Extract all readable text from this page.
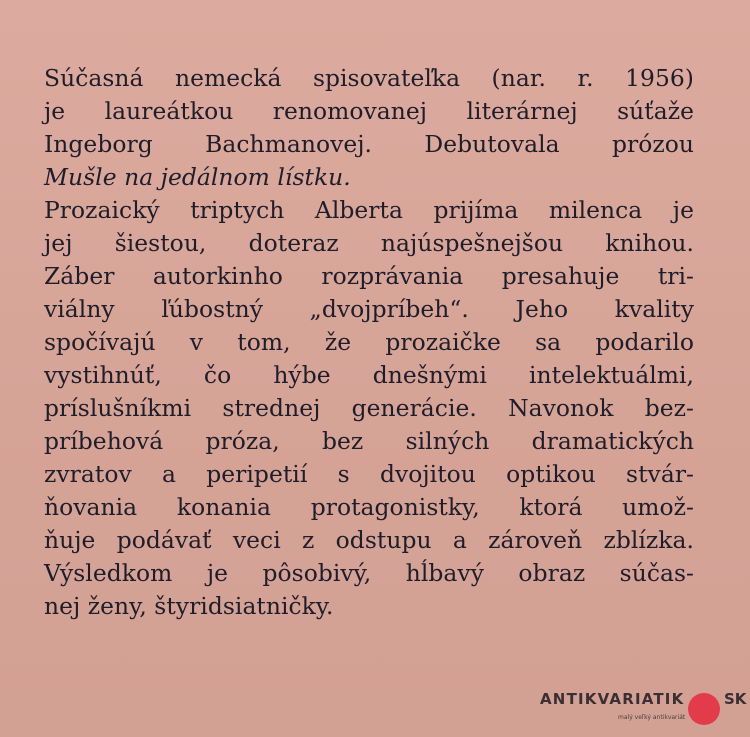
Súčasná nemecká spisovateľka (nar. r. 1956)
je laureátkou renomovanej literárnej súťaže
Ingeborg Bachmanovej. Debutovala prózou
Mušle na jedálnom lístku.
Prozaický triptych Alberta prijíma milenca je
jej šiestou, doteraz najúspešnejšou knihou.
Záber autorkinho rozprávania presahuje tri-
viálny ľúbostný „dvojpríbeh“. Jeho kvality
spočívajú v tom, že prozaičke sa podarilo
vystihnúť, čo hýbe dnešnými intelektuálmi,
príslušníkmi strednej generácie. Navonok bez-
príbehová próza, bez silných dramatických
zvratov a peripetií s dvojitou optikou stvár-
ňovania konania protagonistky, ktorá umož-
ňuje podávať veci z odstupu a zároveň zblízka.
Výsledkom je pôsobivý, hĺbavý obraz súčas-
nej ženy, štyridsiatničky.
ANTIKVARIATIK	SK
malý veľký antikvariát
